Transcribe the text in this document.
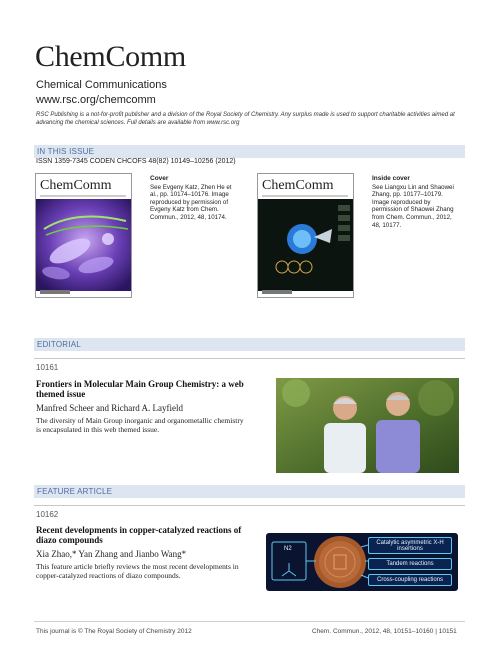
ChemComm
Chemical Communications
www.rsc.org/chemcomm
RSC Publishing is a not-for-profit publisher and a division of the Royal Society of Chemistry. Any surplus made is used to support charitable activities aimed at advancing the chemical sciences. Full details are available from www.rsc.org
IN THIS ISSUE
ISSN 1359-7345 CODEN CHCOFS 48(82) 10149–10256 (2012)
ChemComm	Cover
See Evgeny Katz, Zhen He et al., pp. 10174–10176. Image reproduced by permission of Evgeny Katz from Chem. Commun., 2012, 48, 10174.
ChemComm	Inside cover
See Liangxu Lin and Shaowei Zhang, pp. 10177–10179. Image reproduced by permission of Shaowei Zhang from Chem. Commun., 2012, 48, 10177.
EDITORIAL
10161
Frontiers in Molecular Main Group Chemistry: a web themed issue
Manfred Scheer and Richard A. Layfield
The diversity of Main Group inorganic and organometallic chemistry is encapsulated in this web themed issue.
FEATURE ARTICLE
10162
Recent developments in copper-catalyzed reactions of diazo compounds
Xia Zhao,* Yan Zhang and Jianbo Wang*
This feature article briefly reviews the most recent developments in copper-catalyzed reactions of diazo compounds.
N2
Catalytic asymmetric X-H insertions
Tandem reactions
Cross-coupling reactions
This journal is © The Royal Society of Chemistry 2012	Chem. Commun., 2012, 48, 10151–10160 | 10151
